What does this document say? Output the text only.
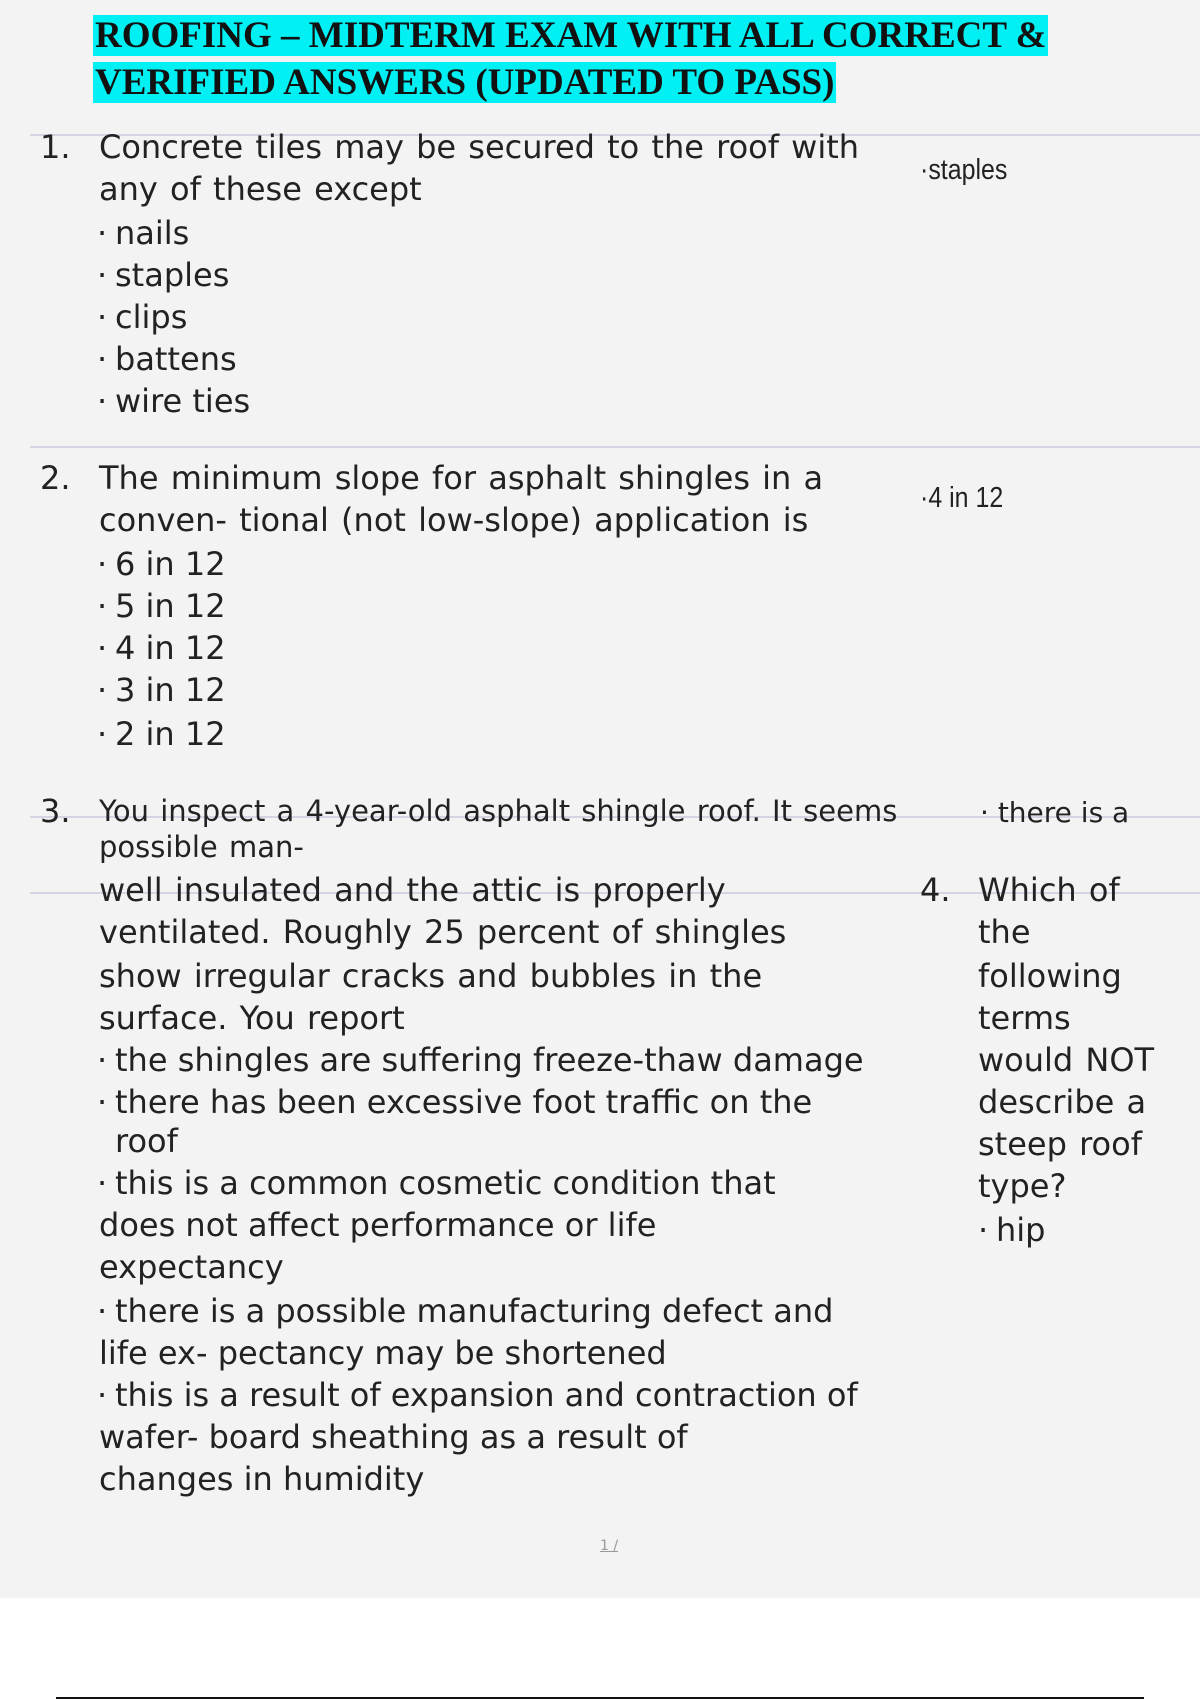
ROOFING – MIDTERM EXAM WITH ALL CORRECT &
VERIFIED ANSWERS (UPDATED TO PASS)
1. Concrete tiles may be secured to the roof with
any of these except
· nails
· staples
· clips
· battens
· wire ties
·staples
2. The minimum slope for asphalt shingles in a
conven- tional (not low-slope) application is
· 6 in 12
· 5 in 12
· 4 in 12
· 3 in 12
· 2 in 12
·4 in 12
3. You inspect a 4-year-old asphalt shingle roof. It seems	· there is a
possible man-
well insulated and the attic is properly
ventilated. Roughly 25 percent of shingles
show irregular cracks and bubbles in the
surface. You report
· the shingles are suffering freeze-thaw damage
· there has been excessive foot traffic on the
roof
· this is a common cosmetic condition that
does not affect performance or life
expectancy
· there is a possible manufacturing defect and
life ex- pectancy may be shortened
· this is a result of expansion and contraction of
wafer- board sheathing as a result of
changes in humidity
4. Which of
the
following
terms
would NOT
describe a
steep roof
type?
· hip
1 /
